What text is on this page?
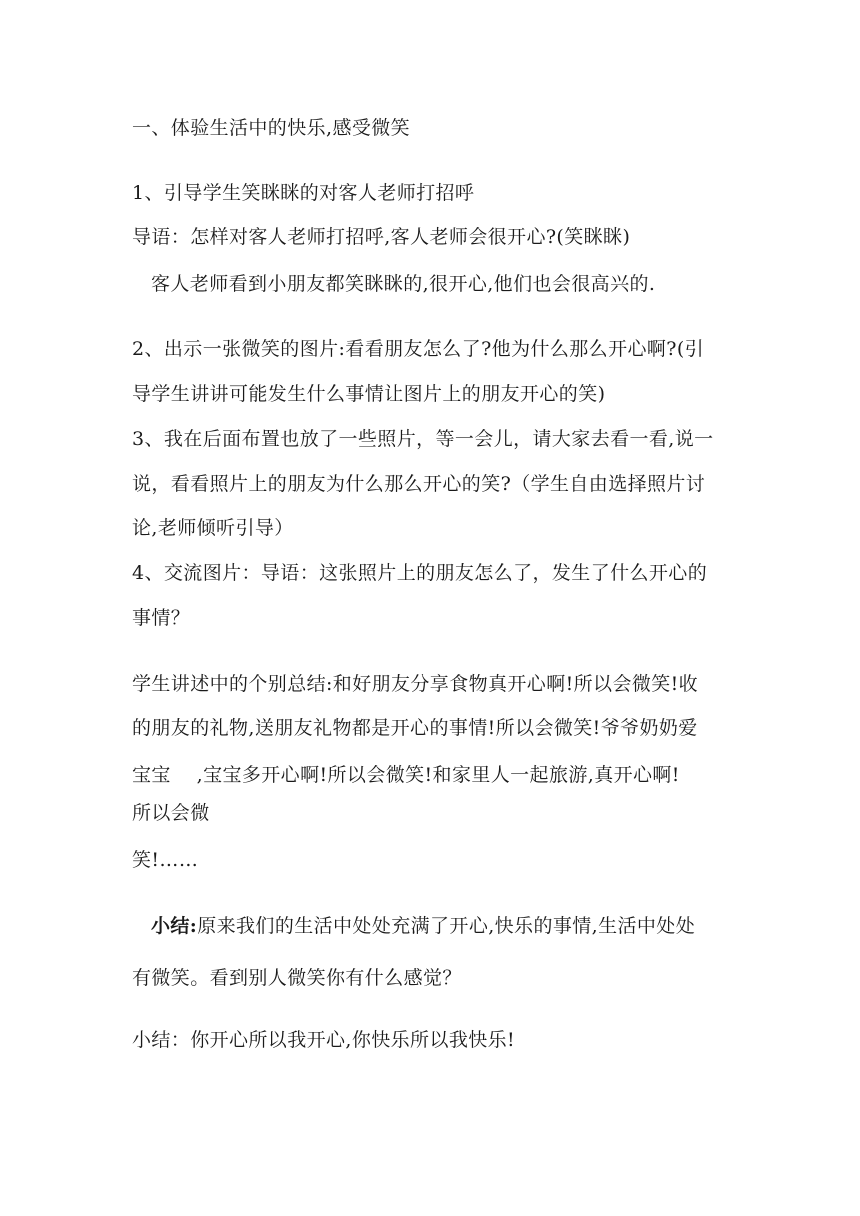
一、体验生活中的快乐,感受微笑
1、引导学生笑眯眯的对客人老师打招呼
导语：怎样对客人老师打招呼,客人老师会很开心?(笑眯眯)
客人老师看到小朋友都笑眯眯的,很开心,他们也会很高兴的.
2、出示一张微笑的图片:看看朋友怎么了?他为什么那么开心啊?(引
导学生讲讲可能发生什么事情让图片上的朋友开心的笑)
3、我在后面布置也放了一些照片，等一会儿，请大家去看一看,说一
说，看看照片上的朋友为什么那么开心的笑?（学生自由选择照片讨
论,老师倾听引导）
4、交流图片：导语：这张照片上的朋友怎么了，发生了什么开心的
事情？
学生讲述中的个别总结:和好朋友分享食物真开心啊!所以会微笑!收
的朋友的礼物,送朋友礼物都是开心的事情!所以会微笑!爷爷奶奶爱
宝宝　 ,宝宝多开心啊!所以会微笑!和家里人一起旅游,真开心啊!
所以会微
笑!……
小结:原来我们的生活中处处充满了开心,快乐的事情,生活中处处
有微笑。看到别人微笑你有什么感觉？
小结：你开心所以我开心,你快乐所以我快乐!
